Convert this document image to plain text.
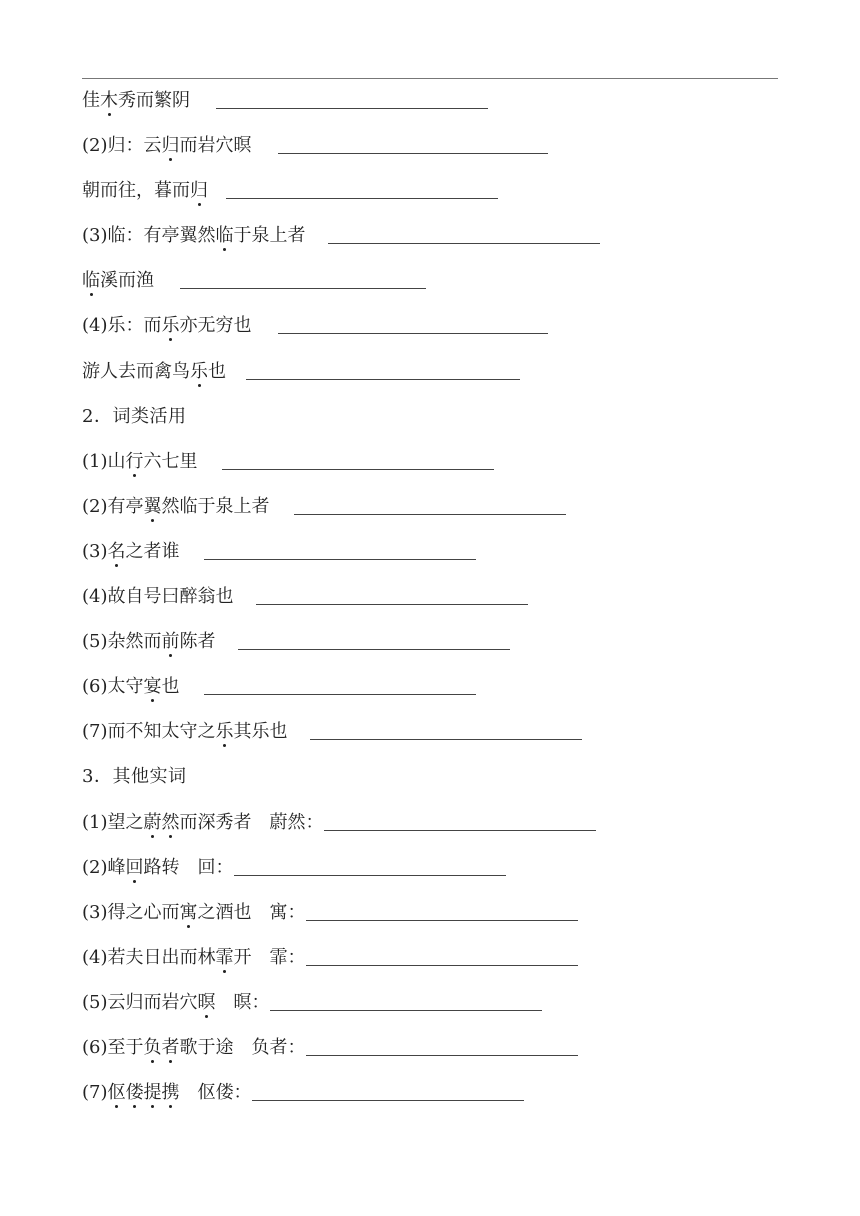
佳木秀而繁阴
(2)归：云归而岩穴暝
朝而往，暮而归
(3)临：有亭翼然临于泉上者
临溪而渔
(4)乐：而乐亦无穷也
游人去而禽鸟乐也
2．词类活用
(1)山行六七里
(2)有亭翼然临于泉上者
(3)名之者谁
(4)故自号曰醉翁也
(5)杂然而前陈者
(6)太守宴也
(7)而不知太守之乐其乐也
3．其他实词
(1)望之蔚然而深秀者　蔚然：
(2)峰回路转　回：
(3)得之心而寓之酒也　寓：
(4)若夫日出而林霏开　霏：
(5)云归而岩穴暝　暝：
(6)至于负者歌于途　负者：
(7)伛偻提携　伛偻：
